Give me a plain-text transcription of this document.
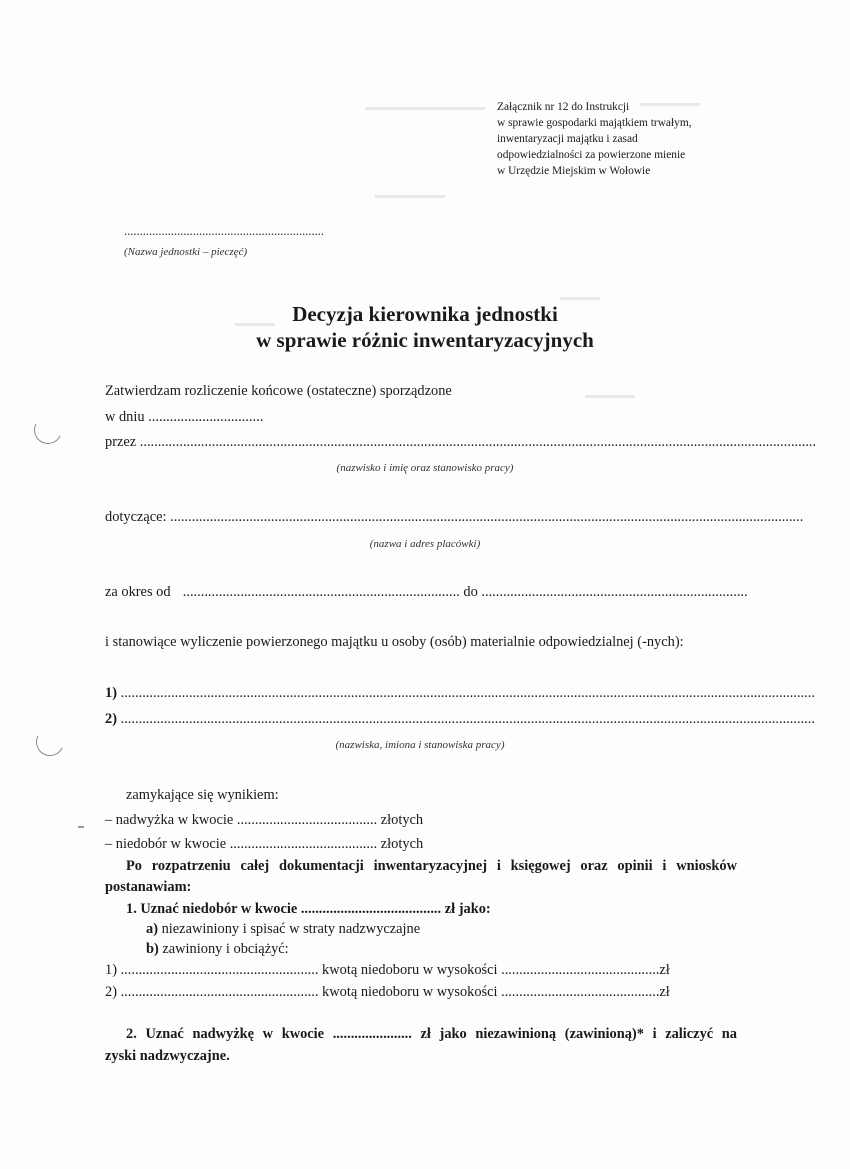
Załącznik nr 12 do Instrukcji
w sprawie gospodarki majątkiem trwałym,
inwentaryzacji majątku i zasad
odpowiedzialności za powierzone mienie
w Urzędzie Miejskim w Wołowie
................................................................
(Nazwa jednostki – pieczęć)
Decyzja kierownika jednostki
w sprawie różnic inwentaryzacyjnych
Zatwierdzam rozliczenie końcowe (ostateczne) sporządzone
w dniu ................................
przez ............................................................................................................................................................................................
(nazwisko i imię oraz stanowisko pracy)
dotyczące: ................................................................................................................................................................................
(nazwa i adres placówki)
za okres od ............................................................................. do ..........................................................................
i stanowiące wyliczenie powierzonego majątku u osoby (osób) materialnie odpowiedzialnej (-nych):
1) .................................................................................................................................................................................................
2) .................................................................................................................................................................................................
(nazwiska, imiona i stanowiska pracy)
zamykające się wynikiem:
– nadwyżka w kwocie ....................................... złotych
– niedobór w kwocie ......................................... złotych
Po rozpatrzeniu całej dokumentacji inwentaryzacyjnej i księgowej oraz opinii i wniosków
postanawiam:
1. Uznać niedobór w kwocie ....................................... zł jako:
a) niezawiniony i spisać w straty nadzwyczajne
b) zawiniony i obciążyć:
1) ....................................................... kwotą niedoboru w wysokości ............................................zł
2) ....................................................... kwotą niedoboru w wysokości ............................................zł
2. Uznać nadwyżkę w kwocie ...................... zł jako niezawinioną (zawinioną)* i zaliczyć na
zyski nadzwyczajne.
